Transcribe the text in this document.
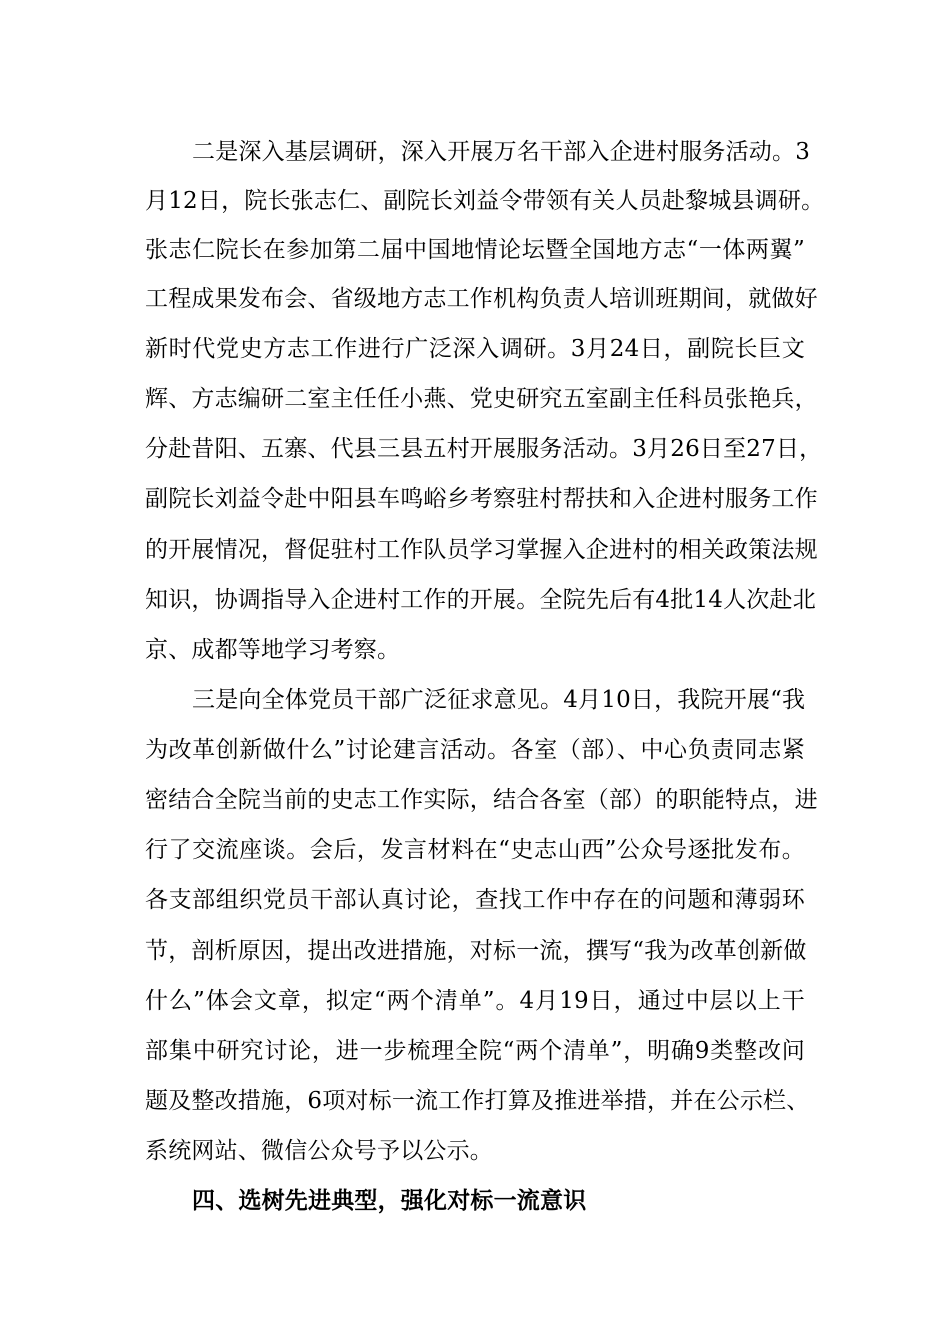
二是深入基层调研，深入开展万名干部入企进村服务活动。3
月12日，院长张志仁、副院长刘益令带领有关人员赴黎城县调研。
张志仁院长在参加第二届中国地情论坛暨全国地方志“一体两翼”
工程成果发布会、省级地方志工作机构负责人培训班期间，就做好
新时代党史方志工作进行广泛深入调研。3月24日，副院长巨文
辉、方志编研二室主任任小燕、党史研究五室副主任科员张艳兵，
分赴昔阳、五寨、代县三县五村开展服务活动。3月26日至27日，
副院长刘益令赴中阳县车鸣峪乡考察驻村帮扶和入企进村服务工作
的开展情况，督促驻村工作队员学习掌握入企进村的相关政策法规
知识，协调指导入企进村工作的开展。全院先后有4批14人次赴北
京、成都等地学习考察。
三是向全体党员干部广泛征求意见。4月10日，我院开展“我
为改革创新做什么”讨论建言活动。各室（部）、中心负责同志紧
密结合全院当前的史志工作实际，结合各室（部）的职能特点，进
行了交流座谈。会后，发言材料在“史志山西”公众号逐批发布。
各支部组织党员干部认真讨论，查找工作中存在的问题和薄弱环
节，剖析原因，提出改进措施，对标一流，撰写“我为改革创新做
什么”体会文章，拟定“两个清单”。4月19日，通过中层以上干
部集中研究讨论，进一步梳理全院“两个清单”，明确9类整改问
题及整改措施，6项对标一流工作打算及推进举措，并在公示栏、
系统网站、微信公众号予以公示。
四、选树先进典型，强化对标一流意识
